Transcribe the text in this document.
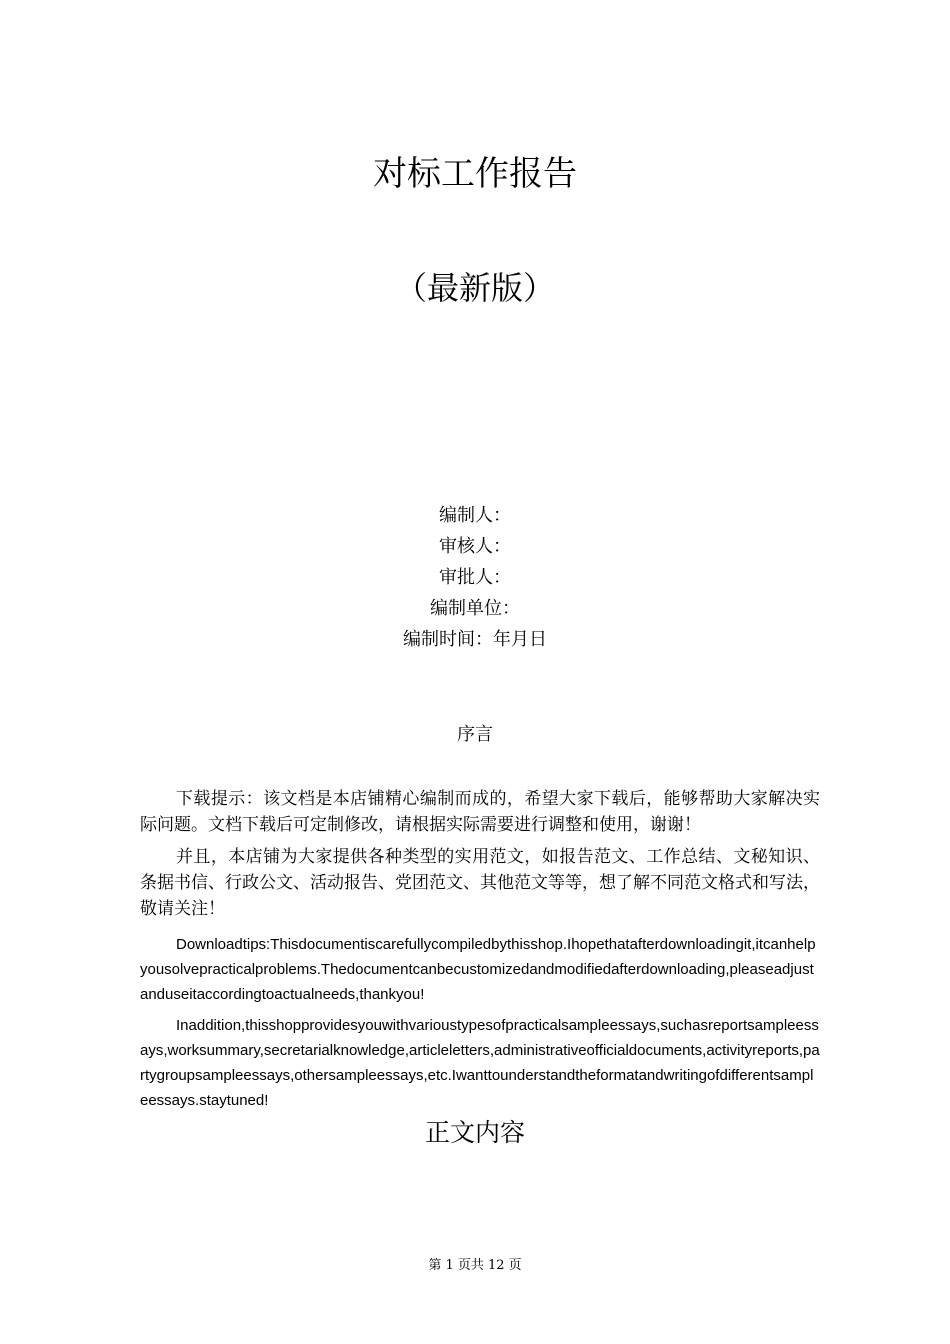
对标工作报告
（最新版）
编制人：
审核人：
审批人：
编制单位：
编制时间：年月日
序言

下载提示：该文档是本店铺精心编制而成的，希望大家下载后，能够帮助大家解决实际问题。文档下载后可定制修改，请根据实际需要进行调整和使用，谢谢！

并且，本店铺为大家提供各种类型的实用范文，如报告范文、工作总结、文秘知识、条据书信、行政公文、活动报告、党团范文、其他范文等等，想了解不同范文格式和写法，敬请关注！

Downloadtips:Thisdocumentiscarefullycompiledbythisshop.Ihopethatafterdownloadingit,itcanhelpyousolvepracticalproblems.Thedocumentcanbecustomizedandmodifiedafterdownloading,pleaseadjustanduseitaccordingtoactualneeds,thankyou!

Inaddition,thisshopprovidesyouwithvarioustypesofpracticalsampleessays,suchasreportsampleessays,worksummary,secretarialknowledge,articleletters,administrativeofficialdocuments,activityreports,partygroupsampleessays,othersampleessays,etc.Iwanttounderstandtheformatandwritingofdifferentsampleessays.staytuned!

正文内容
第 1 页共 12 页
